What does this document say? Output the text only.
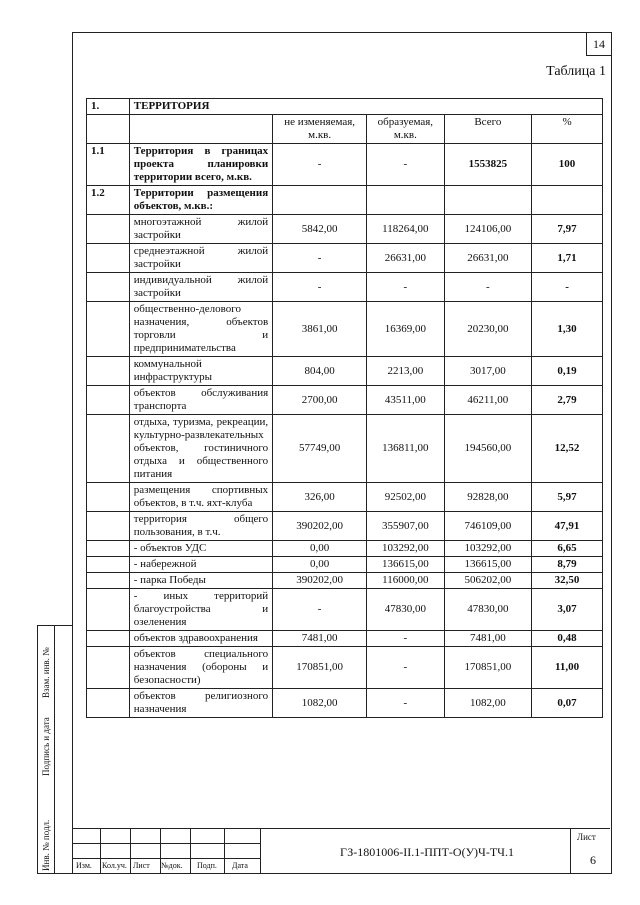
14
Таблица 1
1.	ТЕРРИТОРИЯ				
		не изменяемая, м.кв.	образуемая, м.кв.	Всего	%
1.1	Территория в границах проекта планировки территории всего, м.кв.	-	-	1553825	100
1.2	Территории размещения объектов, м.кв.:				
	многоэтажной жилой застройки	5842,00	118264,00	124106,00	7,97
	среднеэтажной жилой застройки	-	26631,00	26631,00	1,71
	индивидуальной жилой застройки	-	-	-	-
	общественно-делового назначения, объектов торговли и предпринимательства	3861,00	16369,00	20230,00	1,30
	коммунальной инфраструктуры	804,00	2213,00	3017,00	0,19
	объектов обслуживания транспорта	2700,00	43511,00	46211,00	2,79
	отдыха, туризма, рекреации, культурно-развлекательных объектов, гостиничного отдыха и общественного питания	57749,00	136811,00	194560,00	12,52
	размещения спортивных объектов, в т.ч. яхт-клуба	326,00	92502,00	92828,00	5,97
	территория общего пользования, в т.ч.	390202,00	355907,00	746109,00	47,91
	- объектов УДС	0,00	103292,00	103292,00	6,65
	- набережной	0,00	136615,00	136615,00	8,79
	- парка Победы	390202,00	116000,00	506202,00	32,50
	- иных территорий благоустройства и озеленения	-	47830,00	47830,00	3,07
	объектов здравоохранения	7481,00	-	7481,00	0,48
	объектов специального назначения (обороны и безопасности)	170851,00	-	170851,00	11,00
	объектов религиозного назначения	1082,00	-	1082,00	0,07
Взам. инв. №
Подпись и дата
Инв. № подл.	Изм. Кол.уч. Лист №док. Подп. Дата
ГЗ-1801006-II.1-ППТ-О(У)Ч-ТЧ.1
Лист
6
